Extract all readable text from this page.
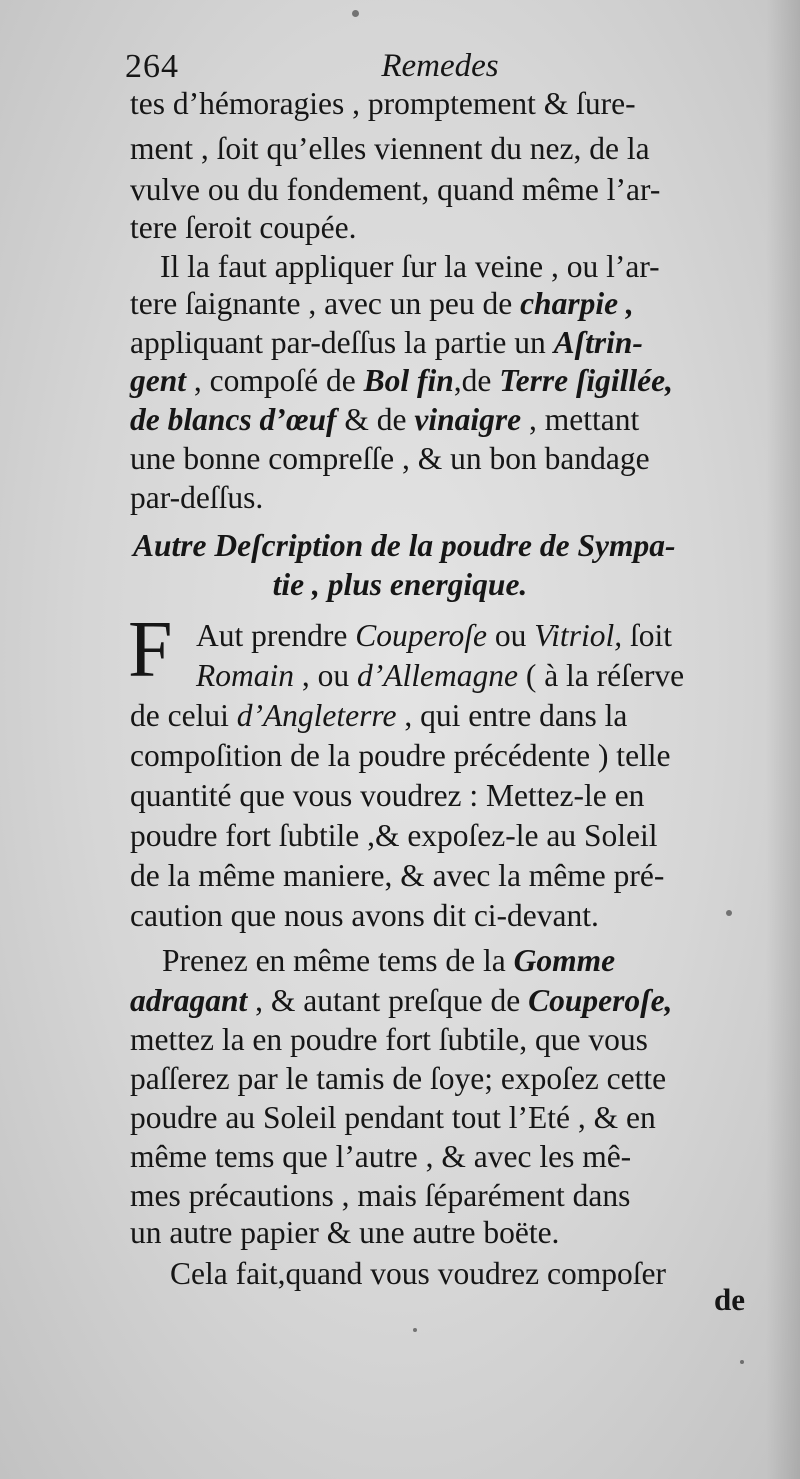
264	Remedes
tes d’hémoragies , promptement & ſure-
ment , ſoit qu’elles viennent du nez, de la
vulve ou du fondement, quand même l’ar-
tere ſeroit coupée.
Il la faut appliquer ſur la veine , ou l’ar-
tere ſaignante , avec un peu de charpie ,
appliquant par-deſſus la partie un Aſtrin-
gent , compoſé de Bol fin,de Terre ſigillée,
de blancs d’œuf & de vinaigre , mettant
une bonne compreſſe , & un bon bandage
par-deſſus.
Autre Deſcription de la poudre de Sympa-
tie , plus energique.
F Aut prendre Couperoſe ou Vitriol, ſoit
Romain , ou d’Allemagne ( à la réſerve
de celui d’Angleterre , qui entre dans la
compoſition de la poudre précédente ) telle
quantité que vous voudrez : Mettez-le en
poudre fort ſubtile ,& expoſez-le au Soleil
de la même maniere, & avec la même pré-
caution que nous avons dit ci-devant.
Prenez en même tems de la Gomme
adragant , & autant preſque de Couperoſe,
mettez la en poudre fort ſubtile, que vous
paſſerez par le tamis de ſoye; expoſez cette
poudre au Soleil pendant tout l’Eté , & en
même tems que l’autre , & avec les mê-
mes précautions , mais ſéparément dans
un autre papier & une autre boëte.
Cela fait,quand vous voudrez compoſer
de
